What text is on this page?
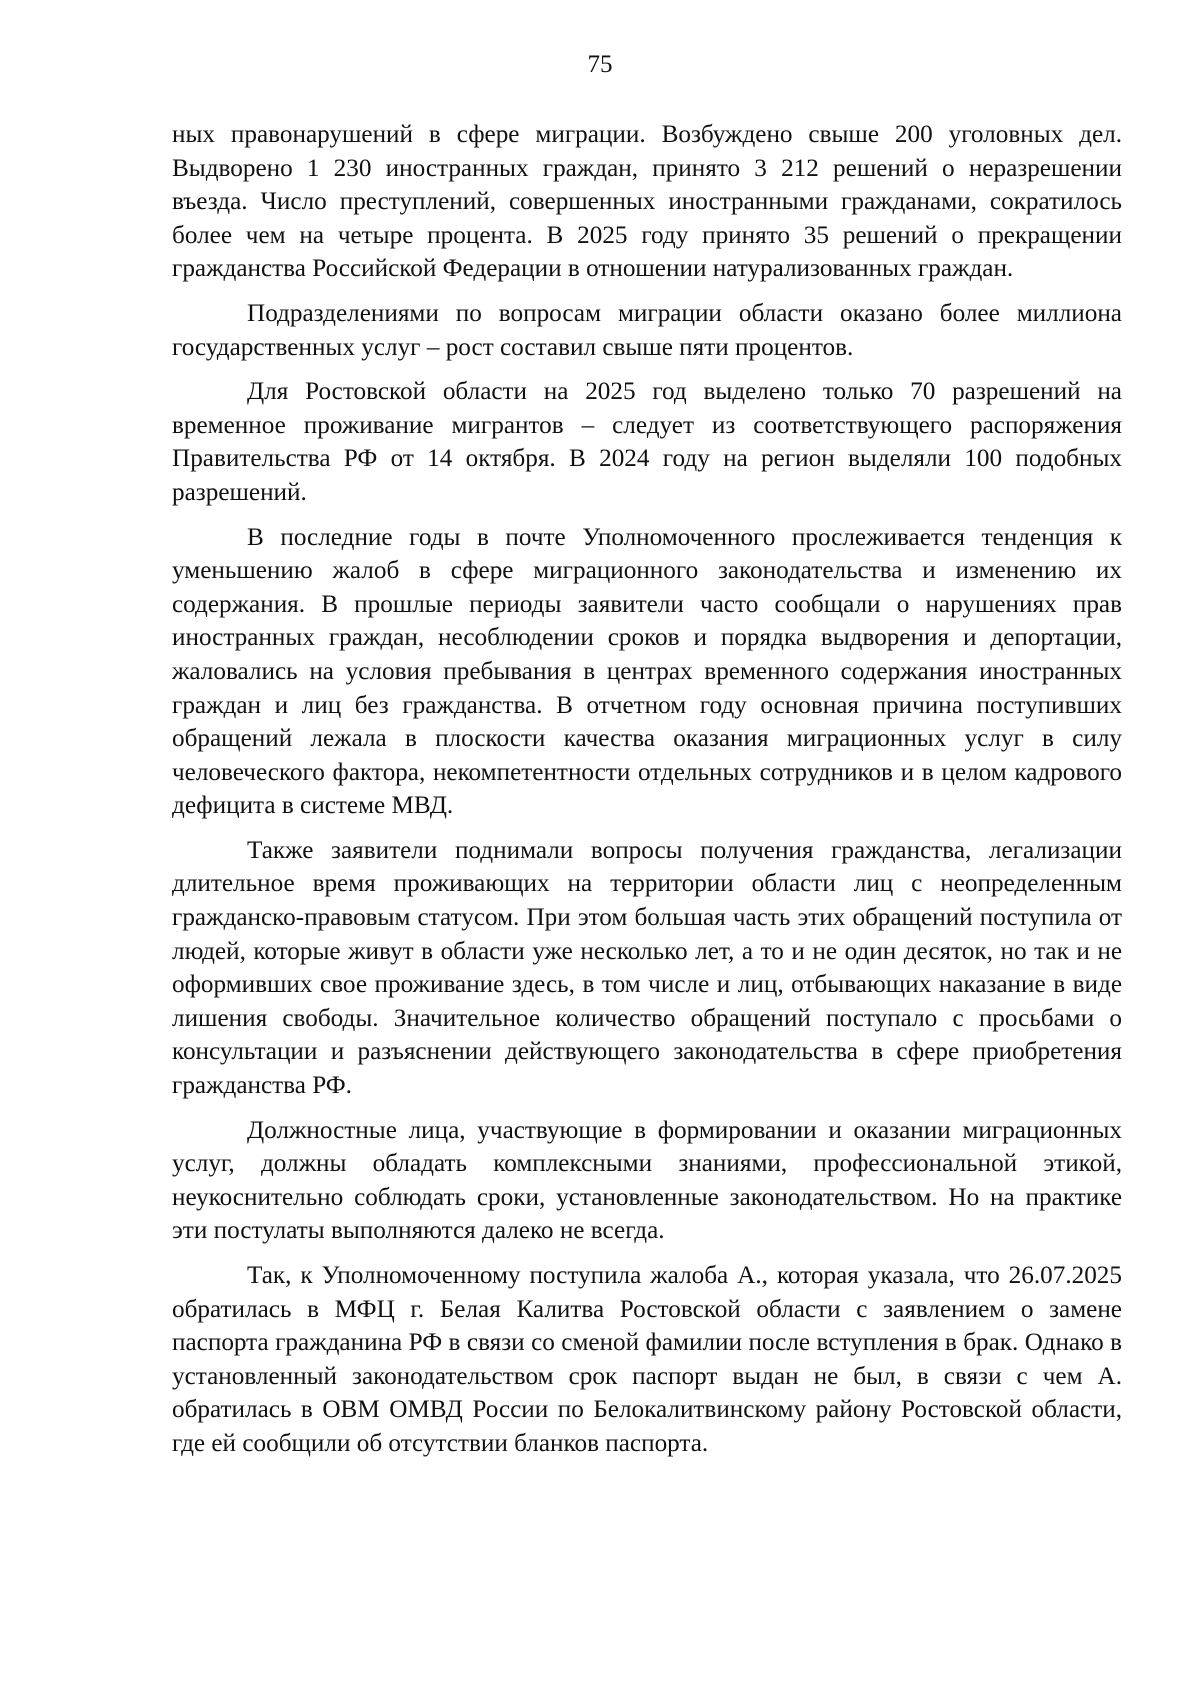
75

ных правонарушений в сфере миграции. Возбуждено свыше 200 уголовных дел. Выдворено 1 230 иностранных граждан, принято 3 212 решений о неразрешении въезда. Число преступлений, совершенных иностранными гражданами, сократилось более чем на четыре процента. В 2025 году принято 35 решений о прекращении гражданства Российской Федерации в отношении натурализованных граждан.

Подразделениями по вопросам миграции области оказано более миллиона государственных услуг – рост составил свыше пяти процентов.

Для Ростовской области на 2025 год выделено только 70 разрешений на временное проживание мигрантов – следует из соответствующего распоряжения Правительства РФ от 14 октября. В 2024 году на регион выделяли 100 подобных разрешений.

В последние годы в почте Уполномоченного прослеживается тенденция к уменьшению жалоб в сфере миграционного законодательства и изменению их содержания. В прошлые периоды заявители часто сообщали о нарушениях прав иностранных граждан, несоблюдении сроков и порядка выдворения и депортации, жаловались на условия пребывания в центрах временного содержания иностранных граждан и лиц без гражданства. В отчетном году основная причина поступивших обращений лежала в плоскости качества оказания миграционных услуг в силу человеческого фактора, некомпетентности отдельных сотрудников и в целом кадрового дефицита в системе МВД.

Также заявители поднимали вопросы получения гражданства, легализации длительное время проживающих на территории области лиц с неопределенным гражданско-правовым статусом. При этом большая часть этих обращений поступила от людей, которые живут в области уже несколько лет, а то и не один десяток, но так и не оформивших свое проживание здесь, в том числе и лиц, отбывающих наказание в виде лишения свободы. Значительное количество обращений поступало с просьбами о консультации и разъяснении действующего законодательства в сфере приобретения гражданства РФ.

Должностные лица, участвующие в формировании и оказании миграционных услуг, должны обладать комплексными знаниями, профессиональной этикой, неукоснительно соблюдать сроки, установленные законодательством. Но на практике эти постулаты выполняются далеко не всегда.

Так, к Уполномоченному поступила жалоба А., которая указала, что 26.07.2025 обратилась в МФЦ г. Белая Калитва Ростовской области с заявлением о замене паспорта гражданина РФ в связи со сменой фамилии после вступления в брак. Однако в установленный законодательством срок паспорт выдан не был, в связи с чем А. обратилась в ОВМ ОМВД России по Белокалитвинскому району Ростовской области, где ей сообщили об отсутствии бланков паспорта.
